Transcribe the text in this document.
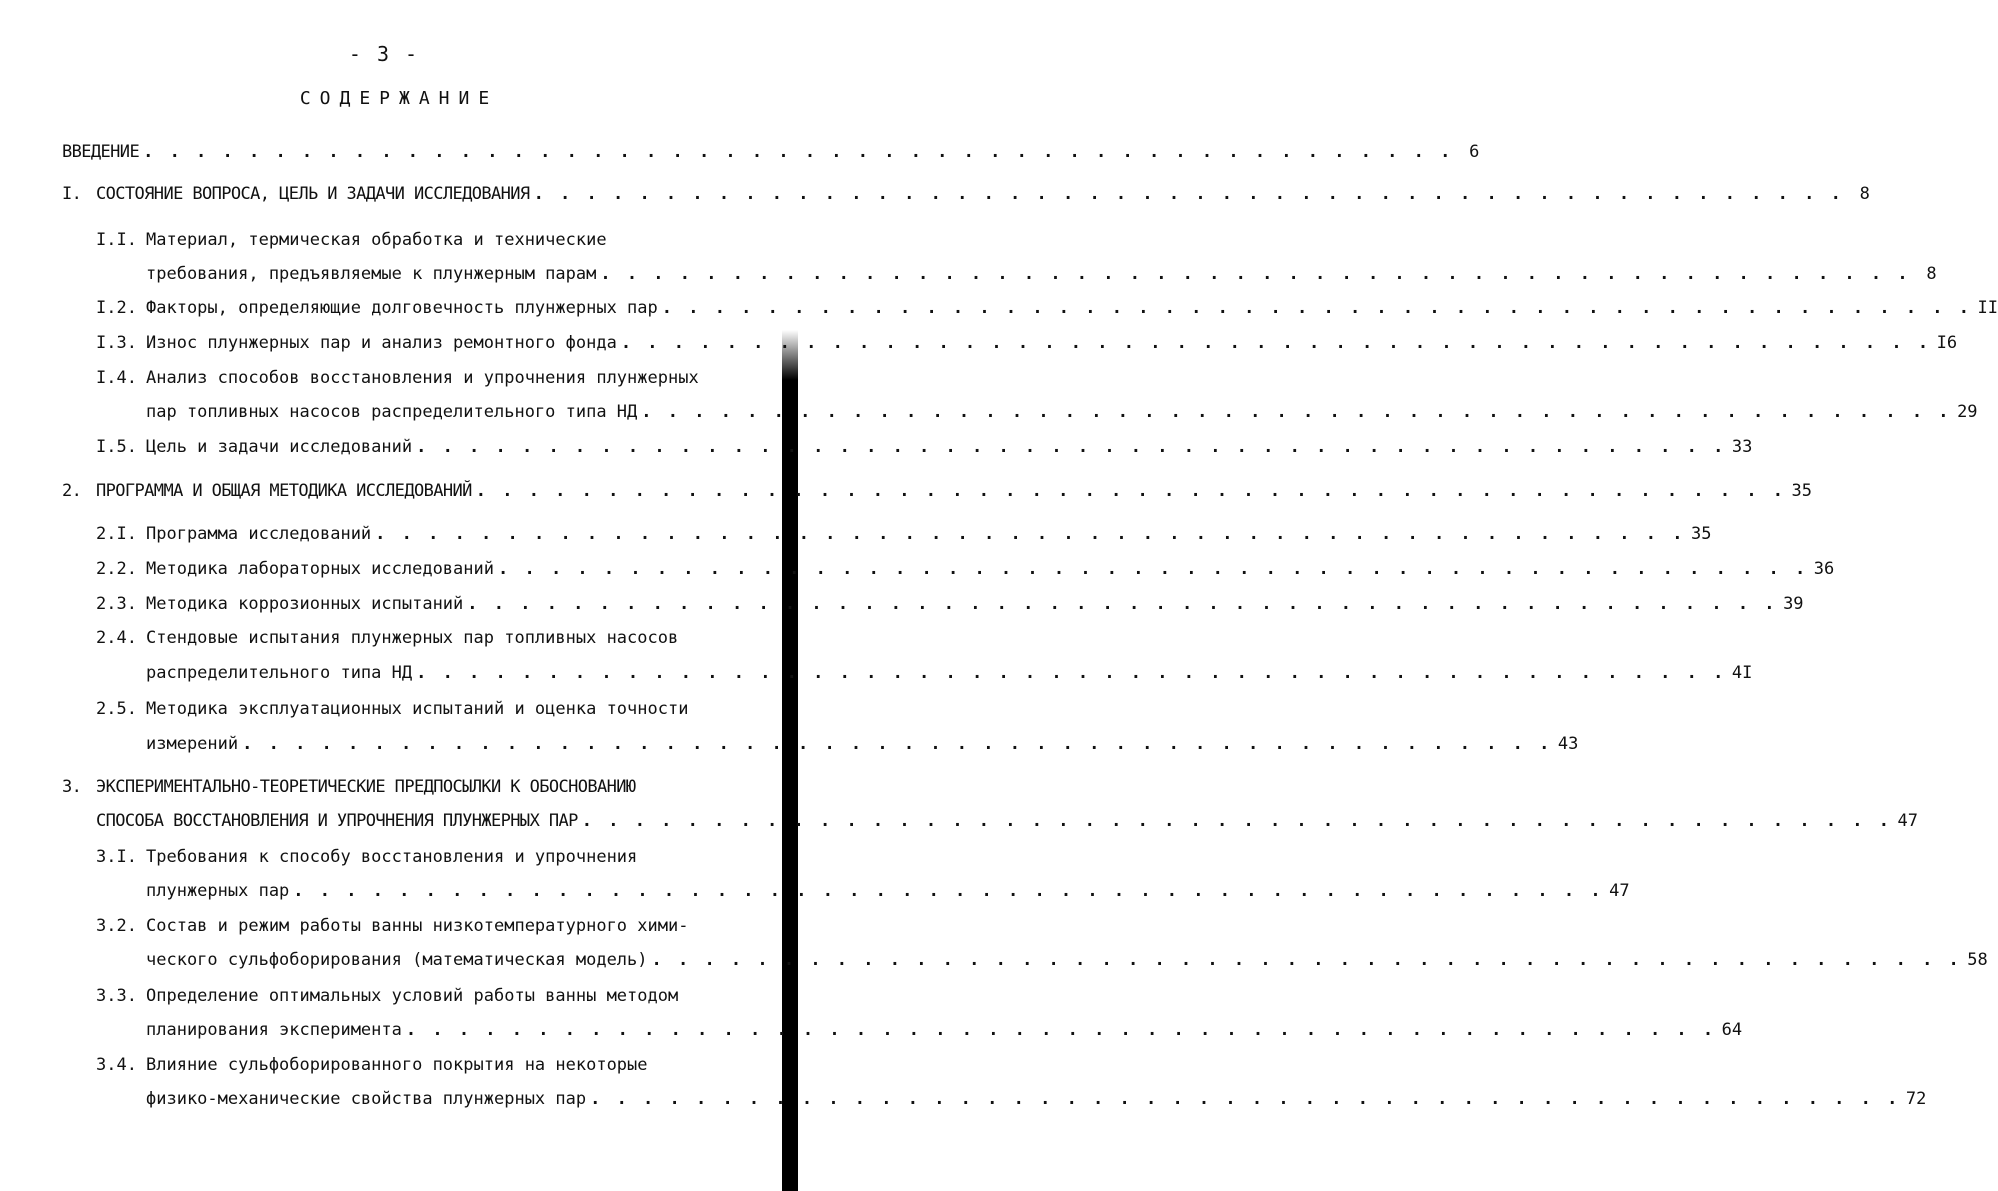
- 3 -
СОДЕРЖАНИЕ
ВВЕДЕНИЕ . . . . . . . . . . . . . . . . . . . . . . . . . . . . . . . . . . . . . . . . . . . . . . . . . . 6
I. СОСТОЯНИЕ ВОПРОСА, ЦЕЛЬ И ЗАДАЧИ ИССЛЕДОВАНИЯ . . . . . . . . . . . . . . . . . . . . . . . . . . . . . . . . . . . . . . . . . . . . . . . . . . 8
I.I. Материал, термическая обработка и технические
требования, предъявляемые к плунжерным парам . . . . . . . . . . . . . . . . . . . . . . . . . . . . . . . . . . . . . . . . . . . . . . . . . . 8
I.2. Факторы, определяющие долговечность плунжерных пар . . . . . . . . . . . . . . . . . . . . . . . . . . . . . . . . . . . . . . . . . . . . . . . . . . II
I.3. Износ плунжерных пар и анализ ремонтного фонда . . . . . . . . . . . . . . . . . . . . . . . . . . . . . . . . . . . . . . . . . . . . . . . . . . I6
I.4. Анализ способов восстановления и упрочнения плунжерных
пар топливных насосов распределительного типа НД . . . . . . . . . . . . . . . . . . . . . . . . . . . . . . . . . . . . . . . . . . . . . . . . . . 29
I.5. Цель и задачи исследований . . . . . . . . . . . . . . . . . . . . . . . . . . . . . . . . . . . . . . . . . . . . . . . . . . 33
2. ПРОГРАММА И ОБЩАЯ МЕТОДИКА ИССЛЕДОВАНИЙ . . . . . . . . . . . . . . . . . . . . . . . . . . . . . . . . . . . . . . . . . . . . . . . . . . 35
2.I. Программа исследований . . . . . . . . . . . . . . . . . . . . . . . . . . . . . . . . . . . . . . . . . . . . . . . . . . 35
2.2. Методика лабораторных исследований . . . . . . . . . . . . . . . . . . . . . . . . . . . . . . . . . . . . . . . . . . . . . . . . . . 36
2.3. Методика коррозионных испытаний . . . . . . . . . . . . . . . . . . . . . . . . . . . . . . . . . . . . . . . . . . . . . . . . . . 39
2.4. Стендовые испытания плунжерных пар топливных насосов
распределительного типа НД . . . . . . . . . . . . . . . . . . . . . . . . . . . . . . . . . . . . . . . . . . . . . . . . . . 4I
2.5. Методика эксплуатационных испытаний и оценка точности
измерений . . . . . . . . . . . . . . . . . . . . . . . . . . . . . . . . . . . . . . . . . . . . . . . . . . 43
3. ЭКСПЕРИМЕНТАЛЬНО-ТЕОРЕТИЧЕСКИЕ ПРЕДПОСЫЛКИ К ОБОСНОВАНИЮ
СПОСОБА ВОССТАНОВЛЕНИЯ И УПРОЧНЕНИЯ ПЛУНЖЕРНЫХ ПАР . . . . . . . . . . . . . . . . . . . . . . . . . . . . . . . . . . . . . . . . . . . . . . . . . . 47
3.I. Требования к способу восстановления и упрочнения
плунжерных пар . . . . . . . . . . . . . . . . . . . . . . . . . . . . . . . . . . . . . . . . . . . . . . . . . . 47
3.2. Состав и режим работы ванны низкотемпературного хими-
ческого сульфоборирования (математическая модель) . . . . . . . . . . . . . . . . . . . . . . . . . . . . . . . . . . . . . . . . . . . . . . . . . . 58
3.3. Определение оптимальных условий работы ванны методом
планирования эксперимента . . . . . . . . . . . . . . . . . . . . . . . . . . . . . . . . . . . . . . . . . . . . . . . . . . 64
3.4. Влияние сульфоборированного покрытия на некоторые
физико-механические свойства плунжерных пар . . . . . . . . . . . . . . . . . . . . . . . . . . . . . . . . . . . . . . . . . . . . . . . . . . 72
